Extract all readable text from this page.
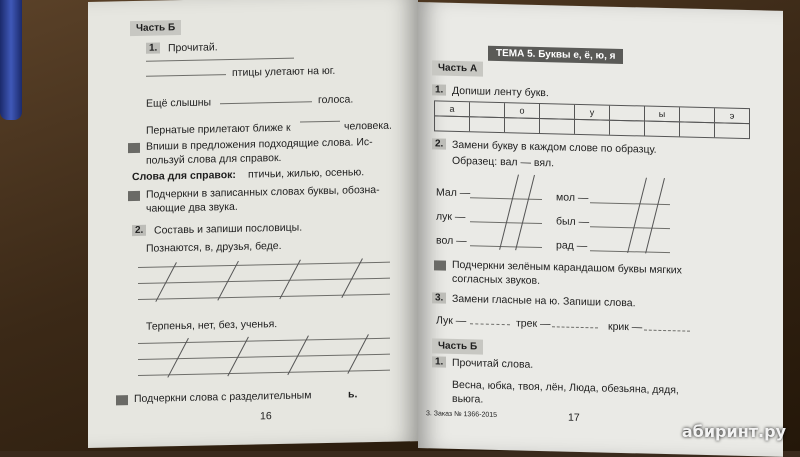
Часть Б
1. Прочитай.
птицы улетают на юг.
Ещё слышны	голоса.
Пернатые прилетают ближе к	человека.
Впиши в предложения подходящие слова. Ис-
пользуй слова для справок.
Слова для справок: птичьи, жилью, осенью.
Подчеркни в записанных словах буквы, обозна-
чающие два звука.
2. Составь и запиши пословицы.
Познаются, в, друзья, беде.
Терпенья, нет, без, ученья.
Подчеркни слова с разделительным	ь.
16
ТЕМА 5. Буквы е, ё, ю, я
Часть А
1. Допиши ленту букв.
а	о	у	ы	э
2. Замени букву в каждом слове по образцу.
Образец: вал — вял.
Мал —	мол —
лук —	был —
вол —	рад —
Подчеркни зелёным карандашом буквы мягких
согласных звуков.
3. Замени гласные на ю. Запиши слова.
Лук —	трек —	крик —
Часть Б
1. Прочитай слова.
Весна, юбка, твоя, лён, Люда, обезьяна, дядя,
вьюга.
3. Заказ № 1366-2015	17
абиринт.ру
